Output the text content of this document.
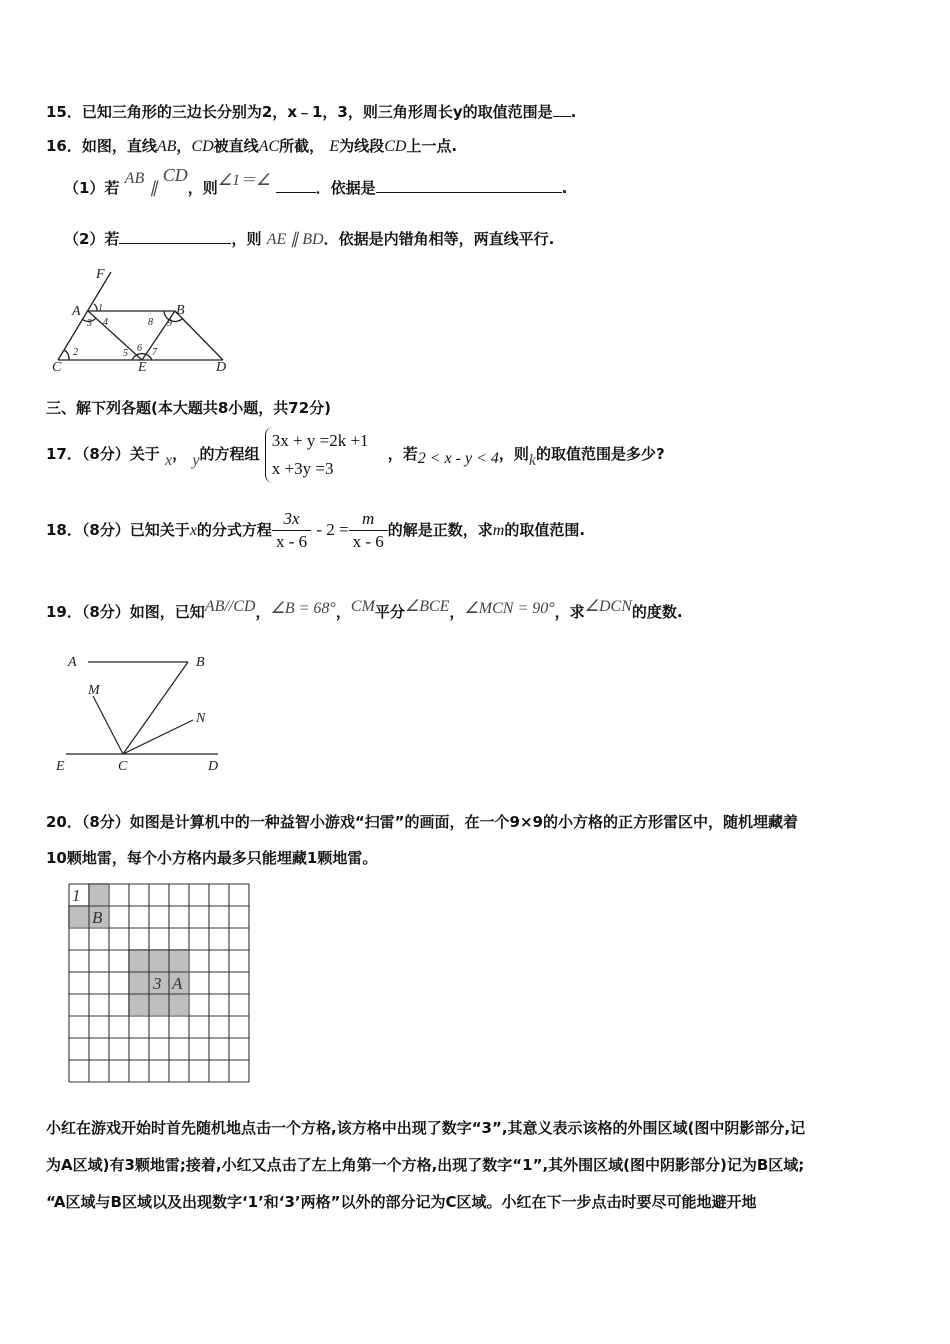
15．已知三角形的三边长分别为2，x﹣1，3，则三角形周长y的取值范围是 .
16．如图，直线AB，CD被直线AC所截， E为线段CD上一点.
（1）若 AB ∥ CD，则∠1＝∠	．依据是	.
（2）若	，则 AE ∥ BD．依据是内错角相等，两直线平行.
F
A	B
C	E	D
1
3 4	8 9
2	5 6 7
三、解下列各题(本大题共8小题，共72分)
17．（8分）关于 x， y的方程组
3x + y =2k +1
x +3y =3
，若2 < x - y < 4，则k的取值范围是多少?
18．（8分）已知关于x的分式方程 $\frac{3x}{x - 6} - 2 = \frac{m}{x - 6}$ 的解是正数，求m的取值范围.
19．（8分）如图，已知AB//CD，∠B = 68°，CM平分∠BCE，∠MCN = 90°，求∠DCN的度数.
A	B
M
N
E	C	D
20．（8分）如图是计算机中的一种益智小游戏“扫雷”的画面，在一个9×9的小方格的正方形雷区中，随机埋藏着
10颗地雷，每个小方格内最多只能埋藏1颗地雷。
1
3
B
A
小红在游戏开始时首先随机地点击一个方格,该方格中出现了数字“3”,其意义表示该格的外围区域(图中阴影部分,记
为A区域)有3颗地雷;接着,小红又点击了左上角第一个方格,出现了数字“1”,其外围区域(图中阴影部分)记为B区域;
“A区域与B区域以及出现数字‘1’和‘3’两格”以外的部分记为C区域。小红在下一步点击时要尽可能地避开地
